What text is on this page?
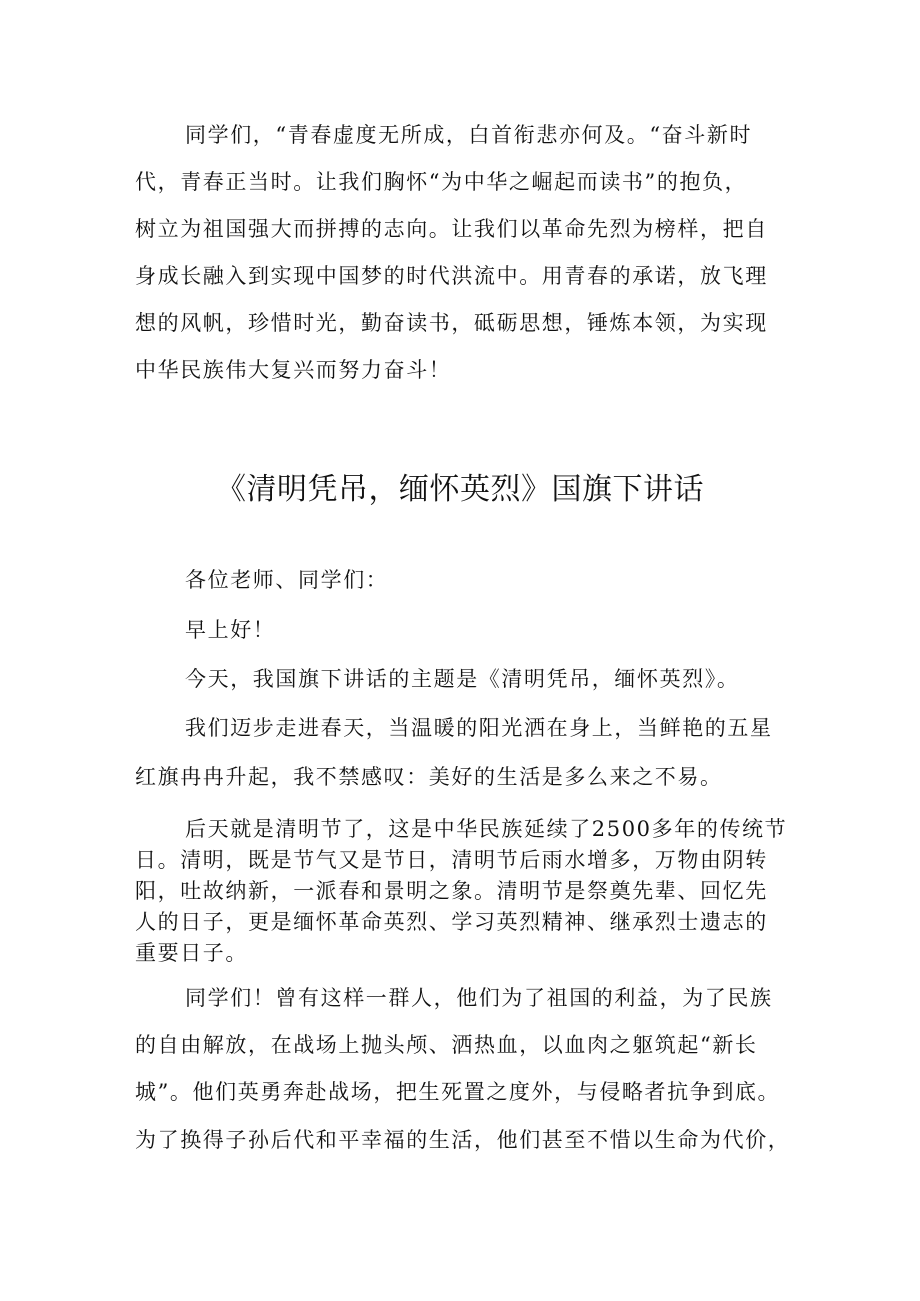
同学们，“青春虚度无所成，白首衔悲亦何及。“奋斗新时
代，青春正当时。让我们胸怀“为中华之崛起而读书”的抱负，
树立为祖国强大而拼搏的志向。让我们以革命先烈为榜样，把自
身成长融入到实现中国梦的时代洪流中。用青春的承诺，放飞理
想的风帆，珍惜时光，勤奋读书，砥砺思想，锤炼本领，为实现
中华民族伟大复兴而努力奋斗！
《清明凭吊，缅怀英烈》国旗下讲话
各位老师、同学们：
早上好！
今天，我国旗下讲话的主题是《清明凭吊，缅怀英烈》。
我们迈步走进春天，当温暖的阳光洒在身上，当鲜艳的五星
红旗冉冉升起，我不禁感叹：美好的生活是多么来之不易。
后天就是清明节了，这是中华民族延续了2500多年的传统节
日。清明，既是节气又是节日，清明节后雨水增多，万物由阴转
阳，吐故纳新，一派春和景明之象。清明节是祭奠先辈、回忆先
人的日子，更是缅怀革命英烈、学习英烈精神、继承烈士遗志的
重要日子。
同学们！曾有这样一群人，他们为了祖国的利益，为了民族
的自由解放，在战场上抛头颅、洒热血，以血肉之躯筑起“新长
城”。他们英勇奔赴战场，把生死置之度外，与侵略者抗争到底。
为了换得子孙后代和平幸福的生活，他们甚至不惜以生命为代价，
